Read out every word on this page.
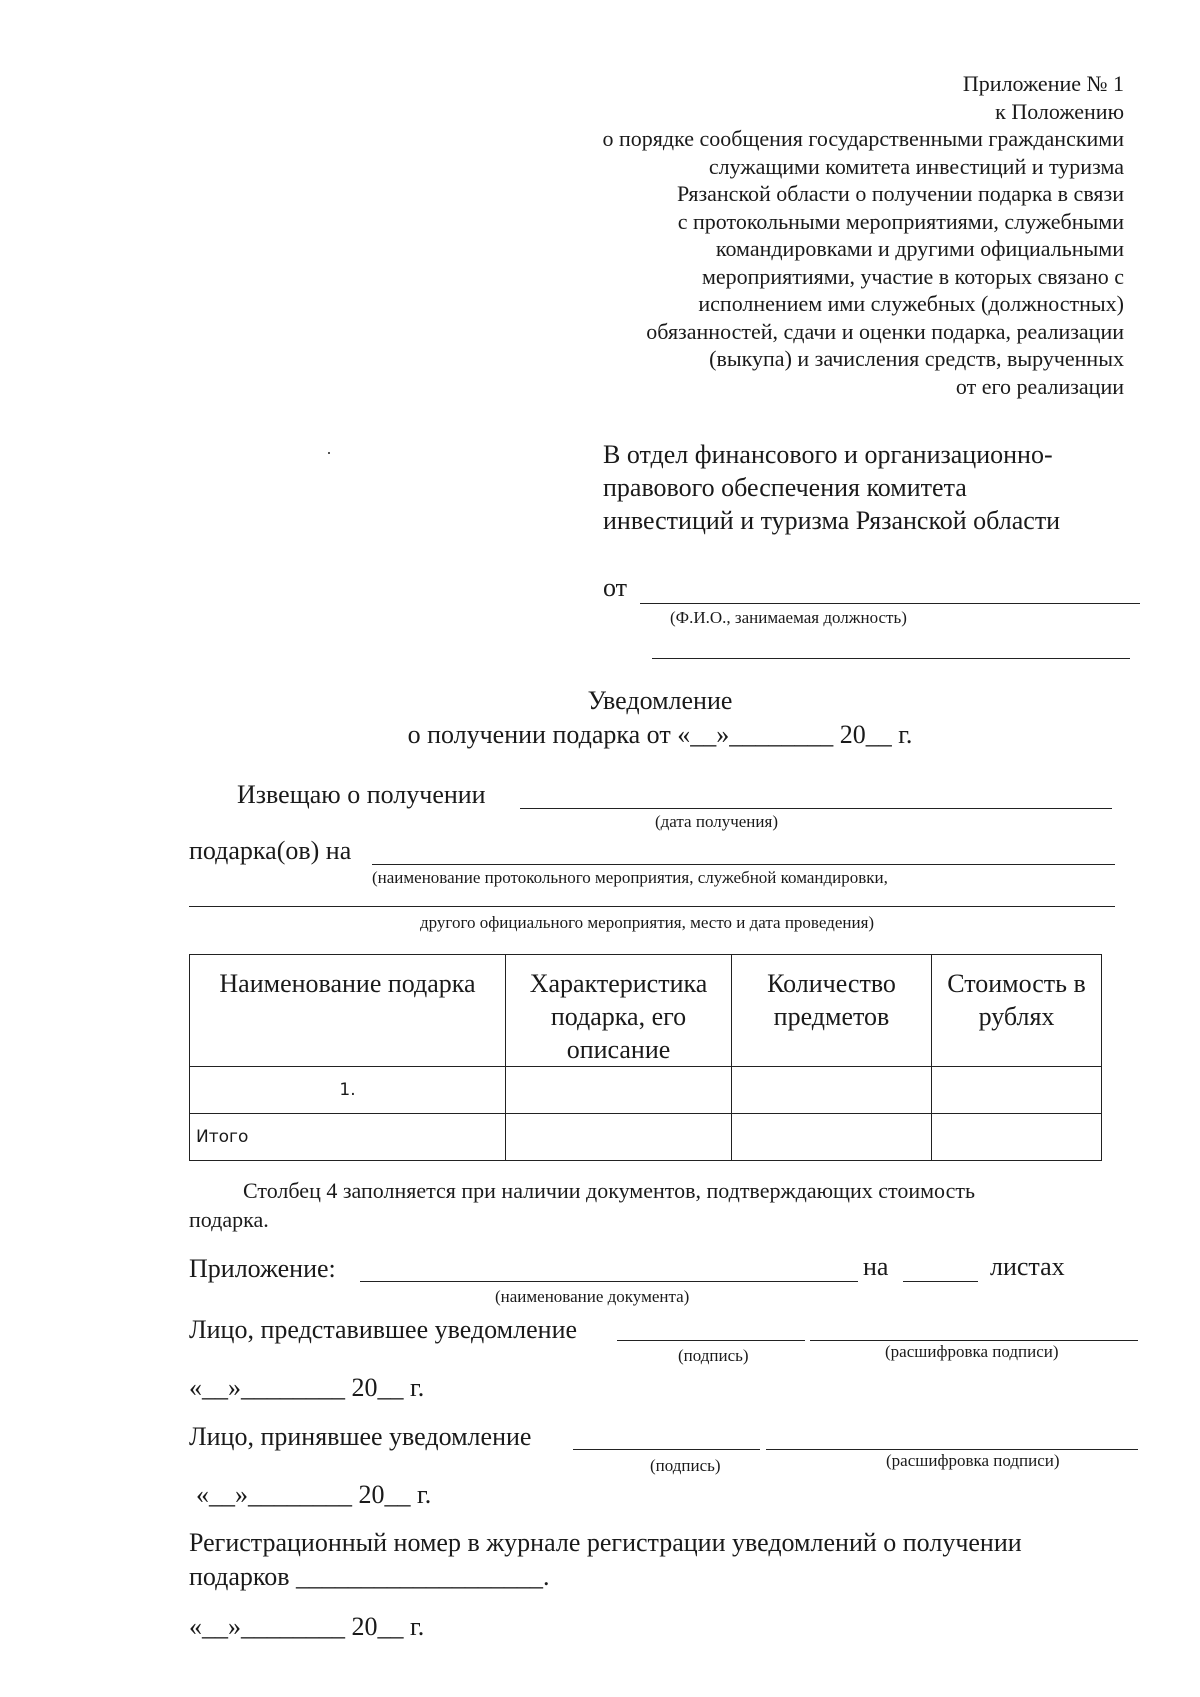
Приложение № 1
к Положению
о порядке сообщения государственными гражданскими
служащими комитета инвестиций и туризма
Рязанской области о получении подарка в связи
с протокольными мероприятиями, служебными
командировками и другими официальными
мероприятиями, участие в которых связано с
исполнением ими служебных (должностных)
обязанностей, сдачи и оценки подарка, реализации
(выкупа) и зачисления средств, вырученных
от его реализации
В отдел финансового и организационно-
правового обеспечения комитета
инвестиций и туризма Рязанской области
от
(Ф.И.О., занимаемая должность)
Уведомление
о получении подарка от «__»________ 20__ г.
Извещаю о получении
(дата получения)
подарка(ов) на
(наименование протокольного мероприятия, служебной командировки,
другого официального мероприятия, место и дата проведения)
Наименование подарка	Характеристика подарка, его описание	Количество предметов	Стоимость в рублях
1.			
Итого			
Столбец 4 заполняется при наличии документов, подтверждающих стоимость
подарка.
Приложение:	на	листах
(наименование документа)
Лицо, представившее уведомление
(подпись)	(расшифровка подписи)
«__»________ 20__ г.
Лицо, принявшее уведомление
(подпись)	(расшифровка подписи)
«__»________ 20__ г.
Регистрационный номер в журнале регистрации уведомлений о получении
подарков ___________________.
«__»________ 20__ г.
